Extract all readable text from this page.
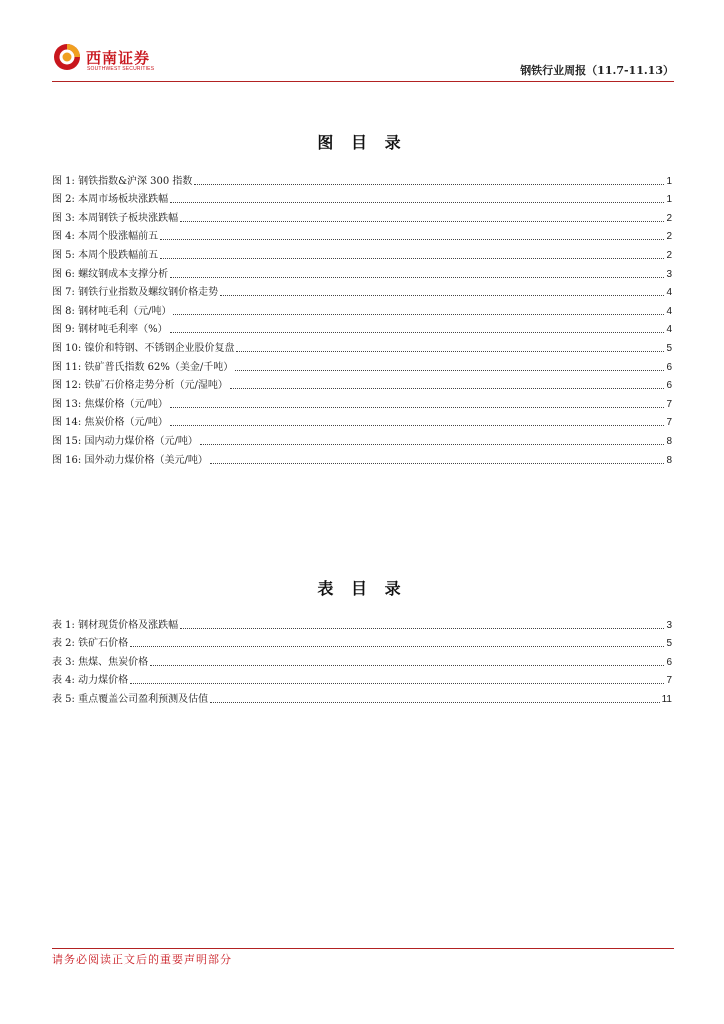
西南证券
SOUTHWEST SECURITIES	钢铁行业周报（11.7-11.13）
图 目 录
图 1: 钢铁指数&沪深 300 指数	1
图 2: 本周市场板块涨跌幅	1
图 3: 本周钢铁子板块涨跌幅	2
图 4: 本周个股涨幅前五	2
图 5: 本周个股跌幅前五	2
图 6: 螺纹钢成本支撑分析	3
图 7: 钢铁行业指数及螺纹钢价格走势	4
图 8: 钢材吨毛利（元/吨）	4
图 9: 钢材吨毛利率（%）	4
图 10: 镍价和特钢、不锈钢企业股价复盘	5
图 11: 铁矿普氏指数 62%（美金/千吨）	6
图 12: 铁矿石价格走势分析（元/湿吨）	6
图 13: 焦煤价格（元/吨）	7
图 14: 焦炭价格（元/吨）	7
图 15: 国内动力煤价格（元/吨）	8
图 16: 国外动力煤价格（美元/吨）	8
表 目 录
表 1: 钢材现货价格及涨跌幅	3
表 2: 铁矿石价格	5
表 3: 焦煤、焦炭价格	6
表 4: 动力煤价格	7
表 5: 重点覆盖公司盈利预测及估值	11
请务必阅读正文后的重要声明部分
